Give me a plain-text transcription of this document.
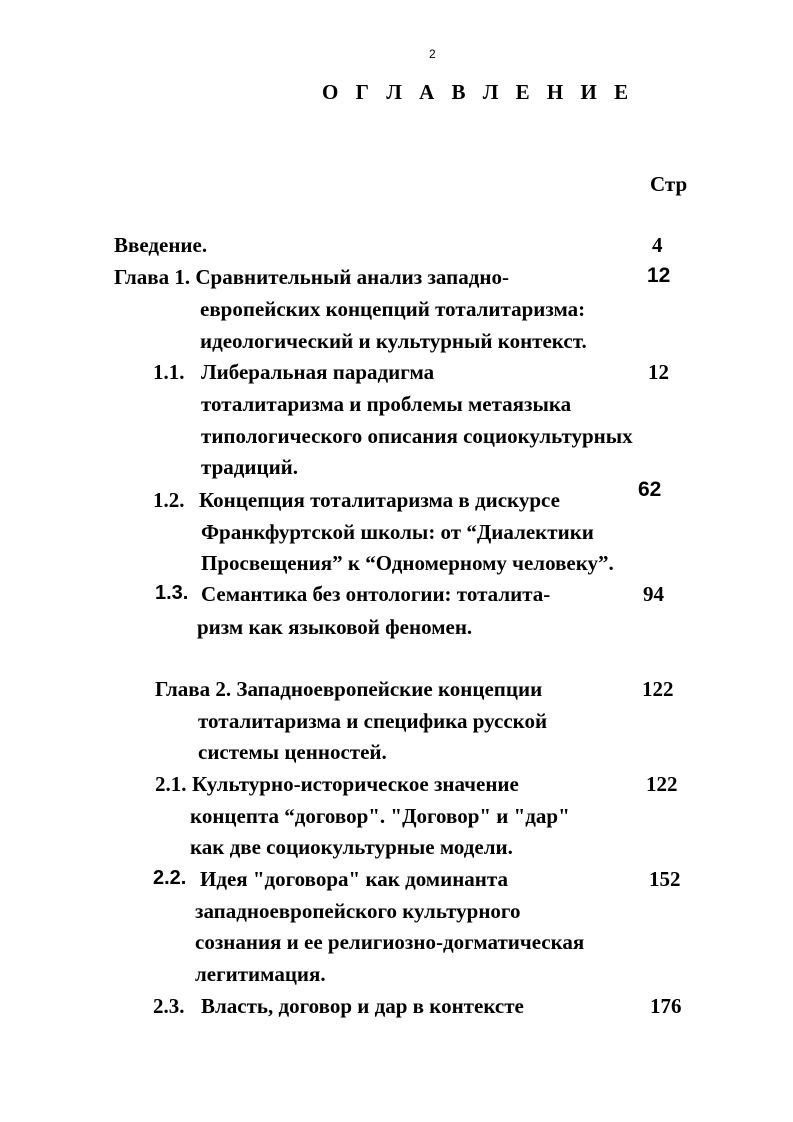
2
О Г Л А В Л Е Н И Е
Стр
Введение.	4
Глава 1. Сравнительный анализ западно-
европейских концепций тоталитаризма:
идеологический и культурный контекст.
12
1.1. Либеральная парадигма
тоталитаризма и проблемы метаязыка
типологического описания социокультурных
традиций.
12
1.2. Концепция тоталитаризма в дискурсе
Франкфуртской школы: от “Диалектики
Просвещения” к “Одномерному человеку”.
62
1.3. Семантика без онтологии: тоталита-
ризм как языковой феномен.
94
Глава 2. Западноевропейские концепции
тоталитаризма и специфика русской
системы ценностей.
122
2.1. Культурно-историческое значение
концепта “договор". "Договор" и "дар"
как две социокультурные модели.
122
2.2. Идея "договора" как доминанта
западноевропейского культурного
сознания и ее религиозно-догматическая
легитимация.
152
2.3. Власть, договор и дар в контексте	176
